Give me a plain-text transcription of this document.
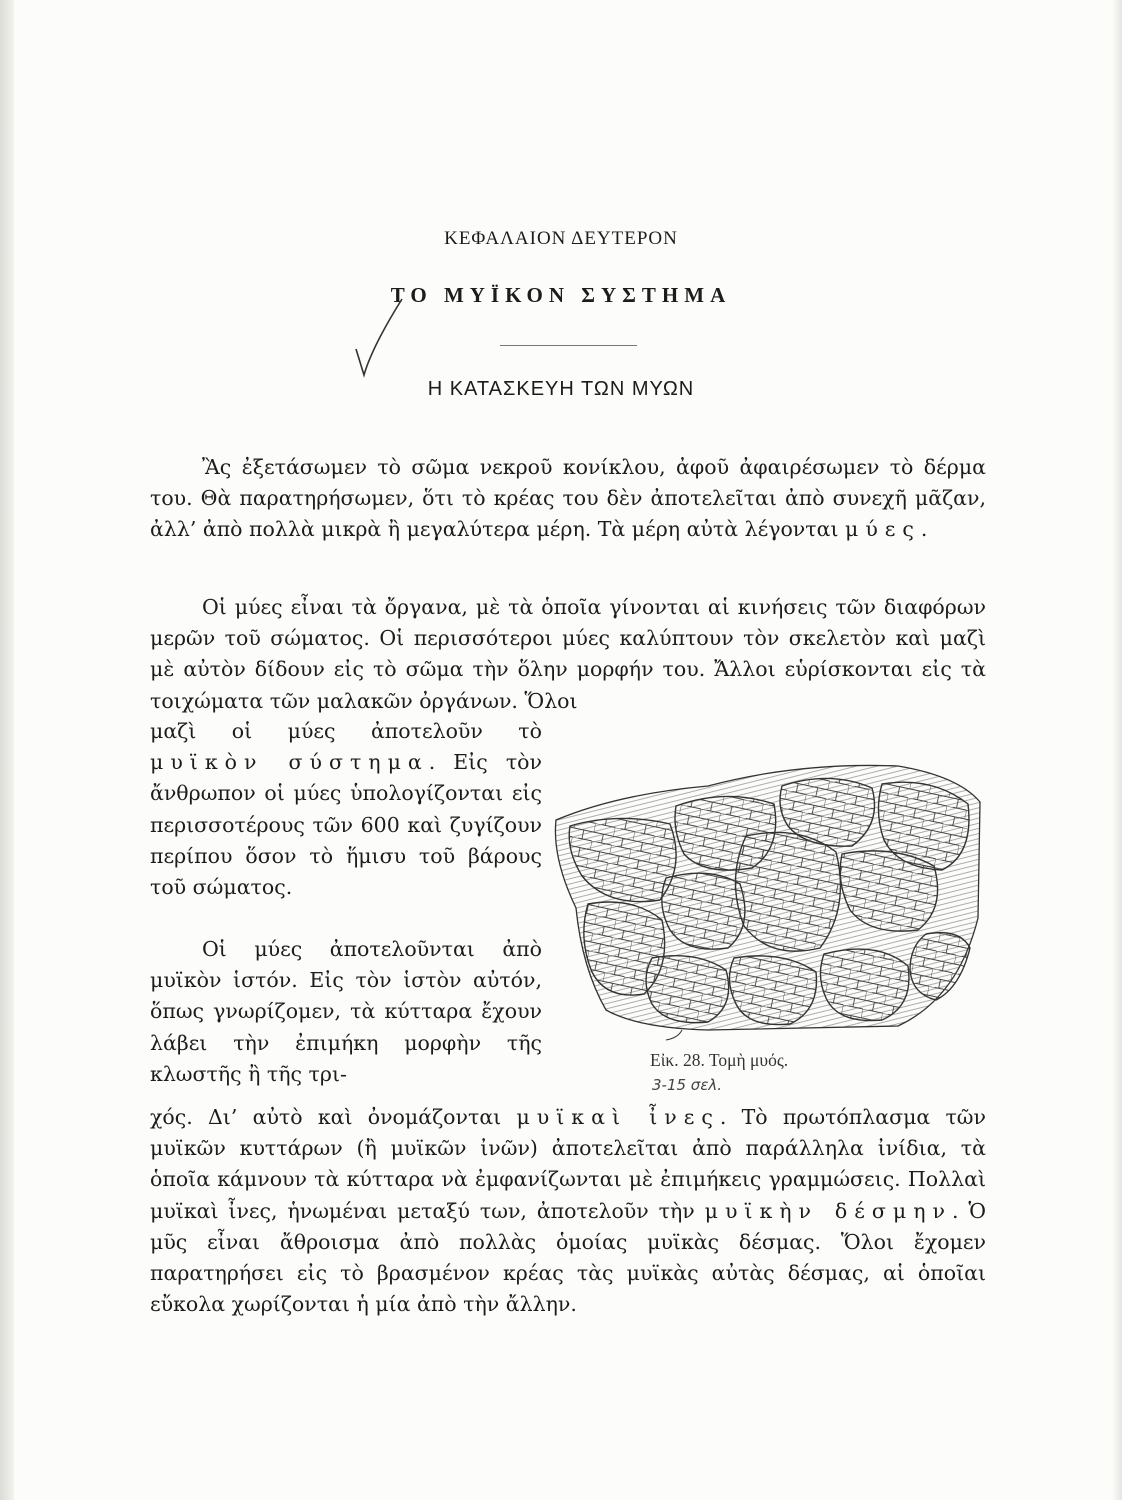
ΚΕΦΑΛΑΙΟΝ ΔΕΥΤΕΡΟΝ
ΤΟ ΜΥΪΚΟΝ ΣΥΣΤΗΜΑ
Η ΚΑΤΑΣΚΕΥΗ ΤΩΝ ΜΥΩΝ

Ἂς ἐξετάσωμεν τὸ σῶμα νεκροῦ κονίκλου, ἀφοῦ ἀφαιρέσωμεν τὸ δέρμα του. Θὰ παρατηρήσωμεν, ὅτι τὸ κρέας του δὲν ἀποτελεῖται ἀπὸ συνεχῆ μᾶζαν, ἀλλ’ ἀπὸ πολλὰ μικρὰ ἢ μεγαλύτερα μέρη. Τὰ μέρη αὐτὰ λέγονται μύες.

Οἱ μύες εἶναι τὰ ὄργανα, μὲ τὰ ὁποῖα γίνονται αἱ κινήσεις τῶν διαφόρων μερῶν τοῦ σώματος. Οἱ περισσότεροι μύες καλύπτουν τὸν σκελετὸν καὶ μαζὶ μὲ αὐτὸν δίδουν εἰς τὸ σῶμα τὴν ὅλην μορφήν του. Ἄλλοι εὑρίσκονται εἰς τὰ τοιχώματα τῶν μαλακῶν ὀργάνων. Ὅλοι

μαζὶ οἱ μύες ἀποτελοῦν τὸ μυϊκὸν σύστημα. Εἰς τὸν ἄνθρωπον οἱ μύες ὑπολογίζονται εἰς περισσοτέρους τῶν 600 καὶ ζυγίζουν περίπου ὅσον τὸ ἥμισυ τοῦ βάρους τοῦ σώματος.

Οἱ μύες ἀποτελοῦνται ἀπὸ μυϊκὸν ἱστόν. Εἰς τὸν ἱστὸν αὐτόν, ὅπως γνωρίζομεν, τὰ κύτταρα ἔχουν λάβει τὴν ἐπιμήκη μορφὴν τῆς κλωστῆς ἢ τῆς τρι-

χός. Δι’ αὐτὸ καὶ ὀνομάζονται μυϊκαὶ ἶνες. Τὸ πρωτόπλασμα τῶν μυϊκῶν κυττάρων (ἢ μυϊκῶν ἰνῶν) ἀποτελεῖται ἀπὸ παράλληλα ἰνίδια, τὰ ὁποῖα κάμνουν τὰ κύτταρα νὰ ἐμφανίζωνται μὲ ἐπιμήκεις γραμμώσεις. Πολλαὶ μυϊκαὶ ἶνες, ἡνωμέναι μεταξύ των, ἀποτελοῦν τὴν μυϊκὴν δέσμην. Ὁ μῦς εἶναι ἄθροισμα ἀπὸ πολλὰς ὁμοίας μυϊκὰς δέσμας. Ὅλοι ἔχομεν παρατηρήσει εἰς τὸ βρασμένον κρέας τὰς μυϊκὰς αὐτὰς δέσμας, αἱ ὁποῖαι εὔκολα χωρίζονται ἡ μία ἀπὸ τὴν ἄλλην.

Εἰκ. 28. Τομὴ μυός.
3-15 σελ.
